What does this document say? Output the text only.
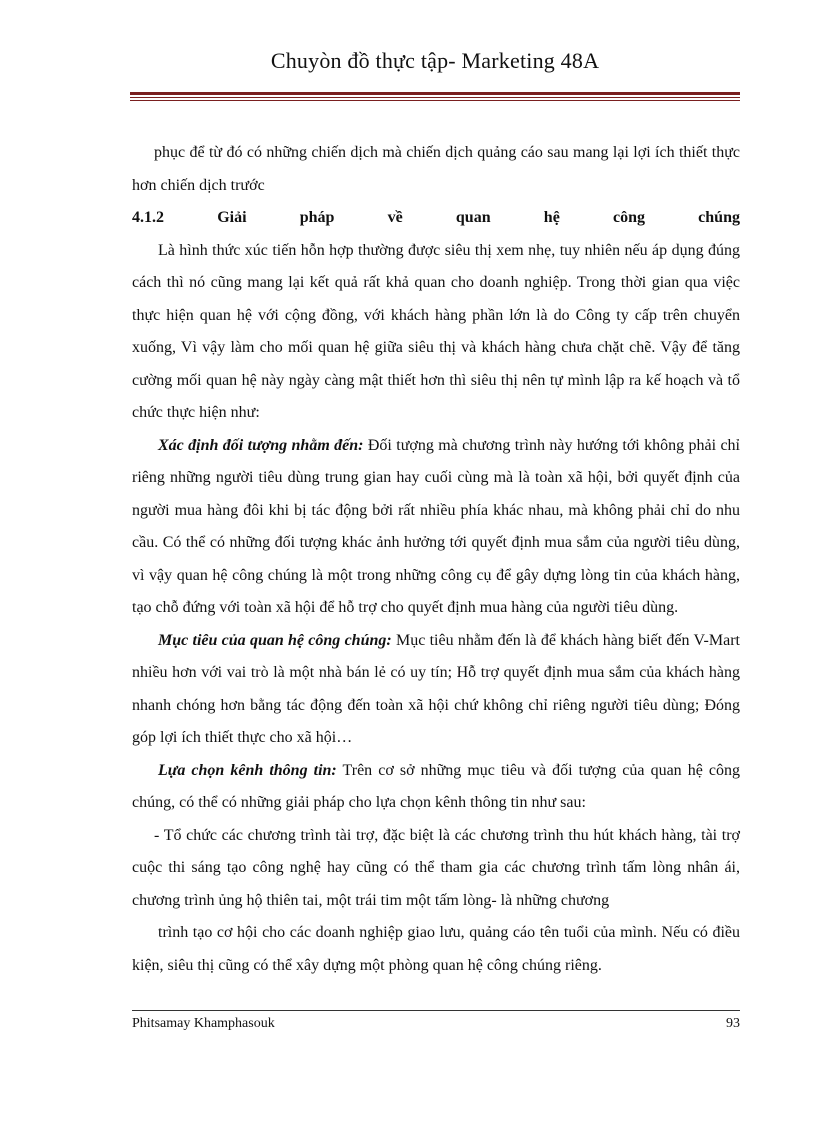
Chuyòn đồ thực tập- Marketing 48A

phục để từ đó có những chiến dịch mà chiến dịch quảng cáo sau mang lại lợi ích thiết thực hơn chiến dịch trước

4.1.2	Giải	pháp	về	quan	hệ	công	chúng

Là hình thức xúc tiến hỗn hợp thường được siêu thị xem nhẹ, tuy nhiên nếu áp dụng đúng cách thì nó cũng mang lại kết quả rất khả quan cho doanh nghiệp. Trong thời gian qua việc thực hiện quan hệ với cộng đồng, với khách hàng phần lớn là do Công ty cấp trên chuyển xuống, Vì vậy làm cho mối quan hệ giữa siêu thị và khách hàng chưa chặt chẽ. Vậy để tăng cường mối quan hệ này ngày càng mật thiết hơn thì siêu thị nên tự mình lập ra kế hoạch và tổ chức thực hiện như:

Xác định đối tượng nhằm đến: Đối tượng mà chương trình này hướng tới không phải chỉ riêng những người tiêu dùng trung gian hay cuối cùng mà là toàn xã hội, bởi quyết định của người mua hàng đôi khi bị tác động bởi rất nhiều phía khác nhau, mà không phải chỉ do nhu cầu. Có thể có những đối tượng khác ảnh hưởng tới quyết định mua sắm của người tiêu dùng, vì vậy quan hệ công chúng là một trong những công cụ để gây dựng lòng tin của khách hàng, tạo chỗ đứng với toàn xã hội để hỗ trợ cho quyết định mua hàng của người tiêu dùng.

Mục tiêu của quan hệ công chúng: Mục tiêu nhằm đến là để khách hàng biết đến V-Mart nhiều hơn với vai trò là một nhà bán lẻ có uy tín; Hỗ trợ quyết định mua sắm của khách hàng nhanh chóng hơn bằng tác động đến toàn xã hội chứ không chỉ riêng người tiêu dùng; Đóng góp lợi ích thiết thực cho xã hội…

Lựa chọn kênh thông tin: Trên cơ sở những mục tiêu và đối tượng của quan hệ công chúng, có thể có những giải pháp cho lựa chọn kênh thông tin như sau:

- Tổ chức các chương trình tài trợ, đặc biệt là các chương trình thu hút khách hàng, tài trợ cuộc thi sáng tạo công nghệ hay cũng có thể tham gia các chương trình tấm lòng nhân ái, chương trình ủng hộ thiên tai, một trái tim một tấm lòng- là những chương

trình tạo cơ hội cho các doanh nghiệp giao lưu, quảng cáo tên tuổi của mình. Nếu có điều kiện, siêu thị cũng có thể xây dựng một phòng quan hệ công chúng riêng.

Phitsamay Khamphasouk	93
